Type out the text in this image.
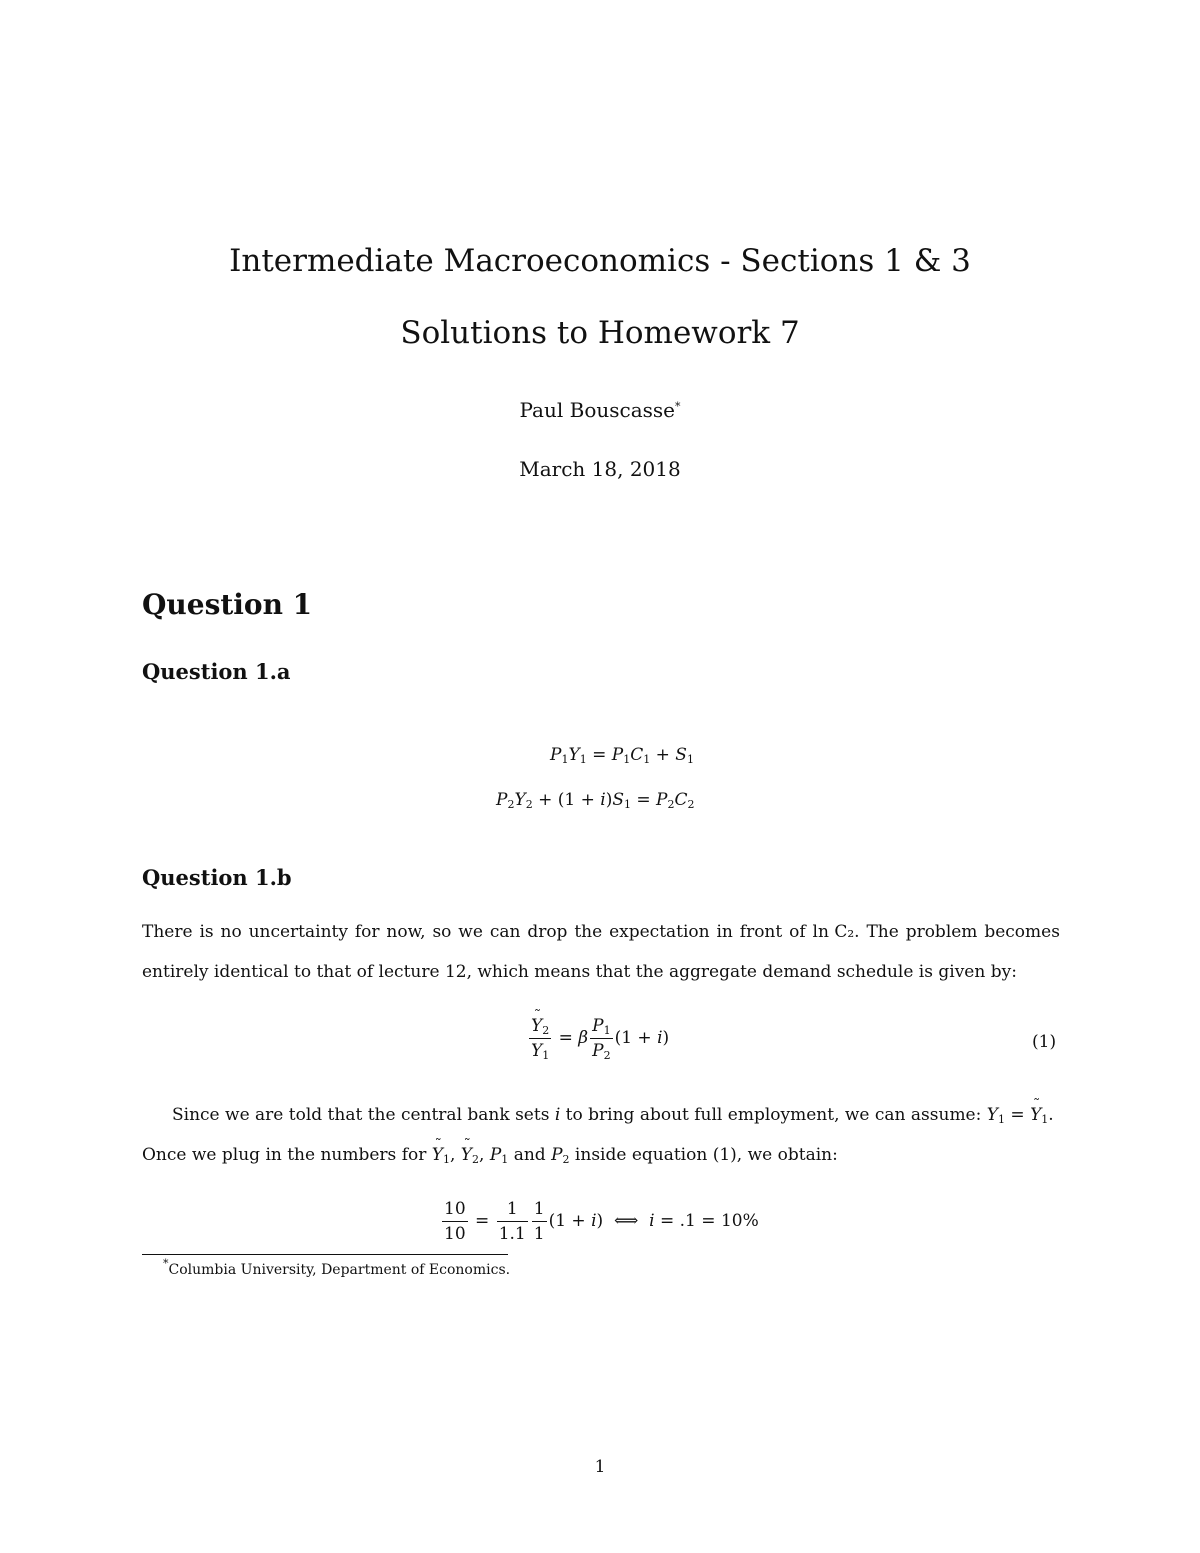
Intermediate Macroeconomics - Sections 1 & 3
Solutions to Homework 7
Paul Bouscasse*
March 18, 2018
Question 1
Question 1.a
$P_1Y_1 = P_1C_1 + S_1$
$P_2Y_2 + (1 + i)S_1 = P_2C_2$
Question 1.b
There is no uncertainty for now, so we can drop the expectation in front of ln C₂. The problem becomes
entirely identical to that of lecture 12, which means that the aggregate demand schedule is given by:
˜ $\frac{Y_2}{Y_1} = \beta \frac{P_1}{P_2} (1 + i)$	(1)
Since we are told that the central bank sets i to bring about full employment, we can assume: $Y_1$ = ˜ $Y_1$.
Once we plug in the numbers for ˜ $Y_1$, ˜ $Y_2$, $P_1$ and $P_2$ inside equation (1), we obtain:
$\frac{10}{10} = \frac{1}{1.1} \frac{1}{1} (1 + i)$  ⟺  i = .1 = 10%
*Columbia University, Department of Economics.
1
